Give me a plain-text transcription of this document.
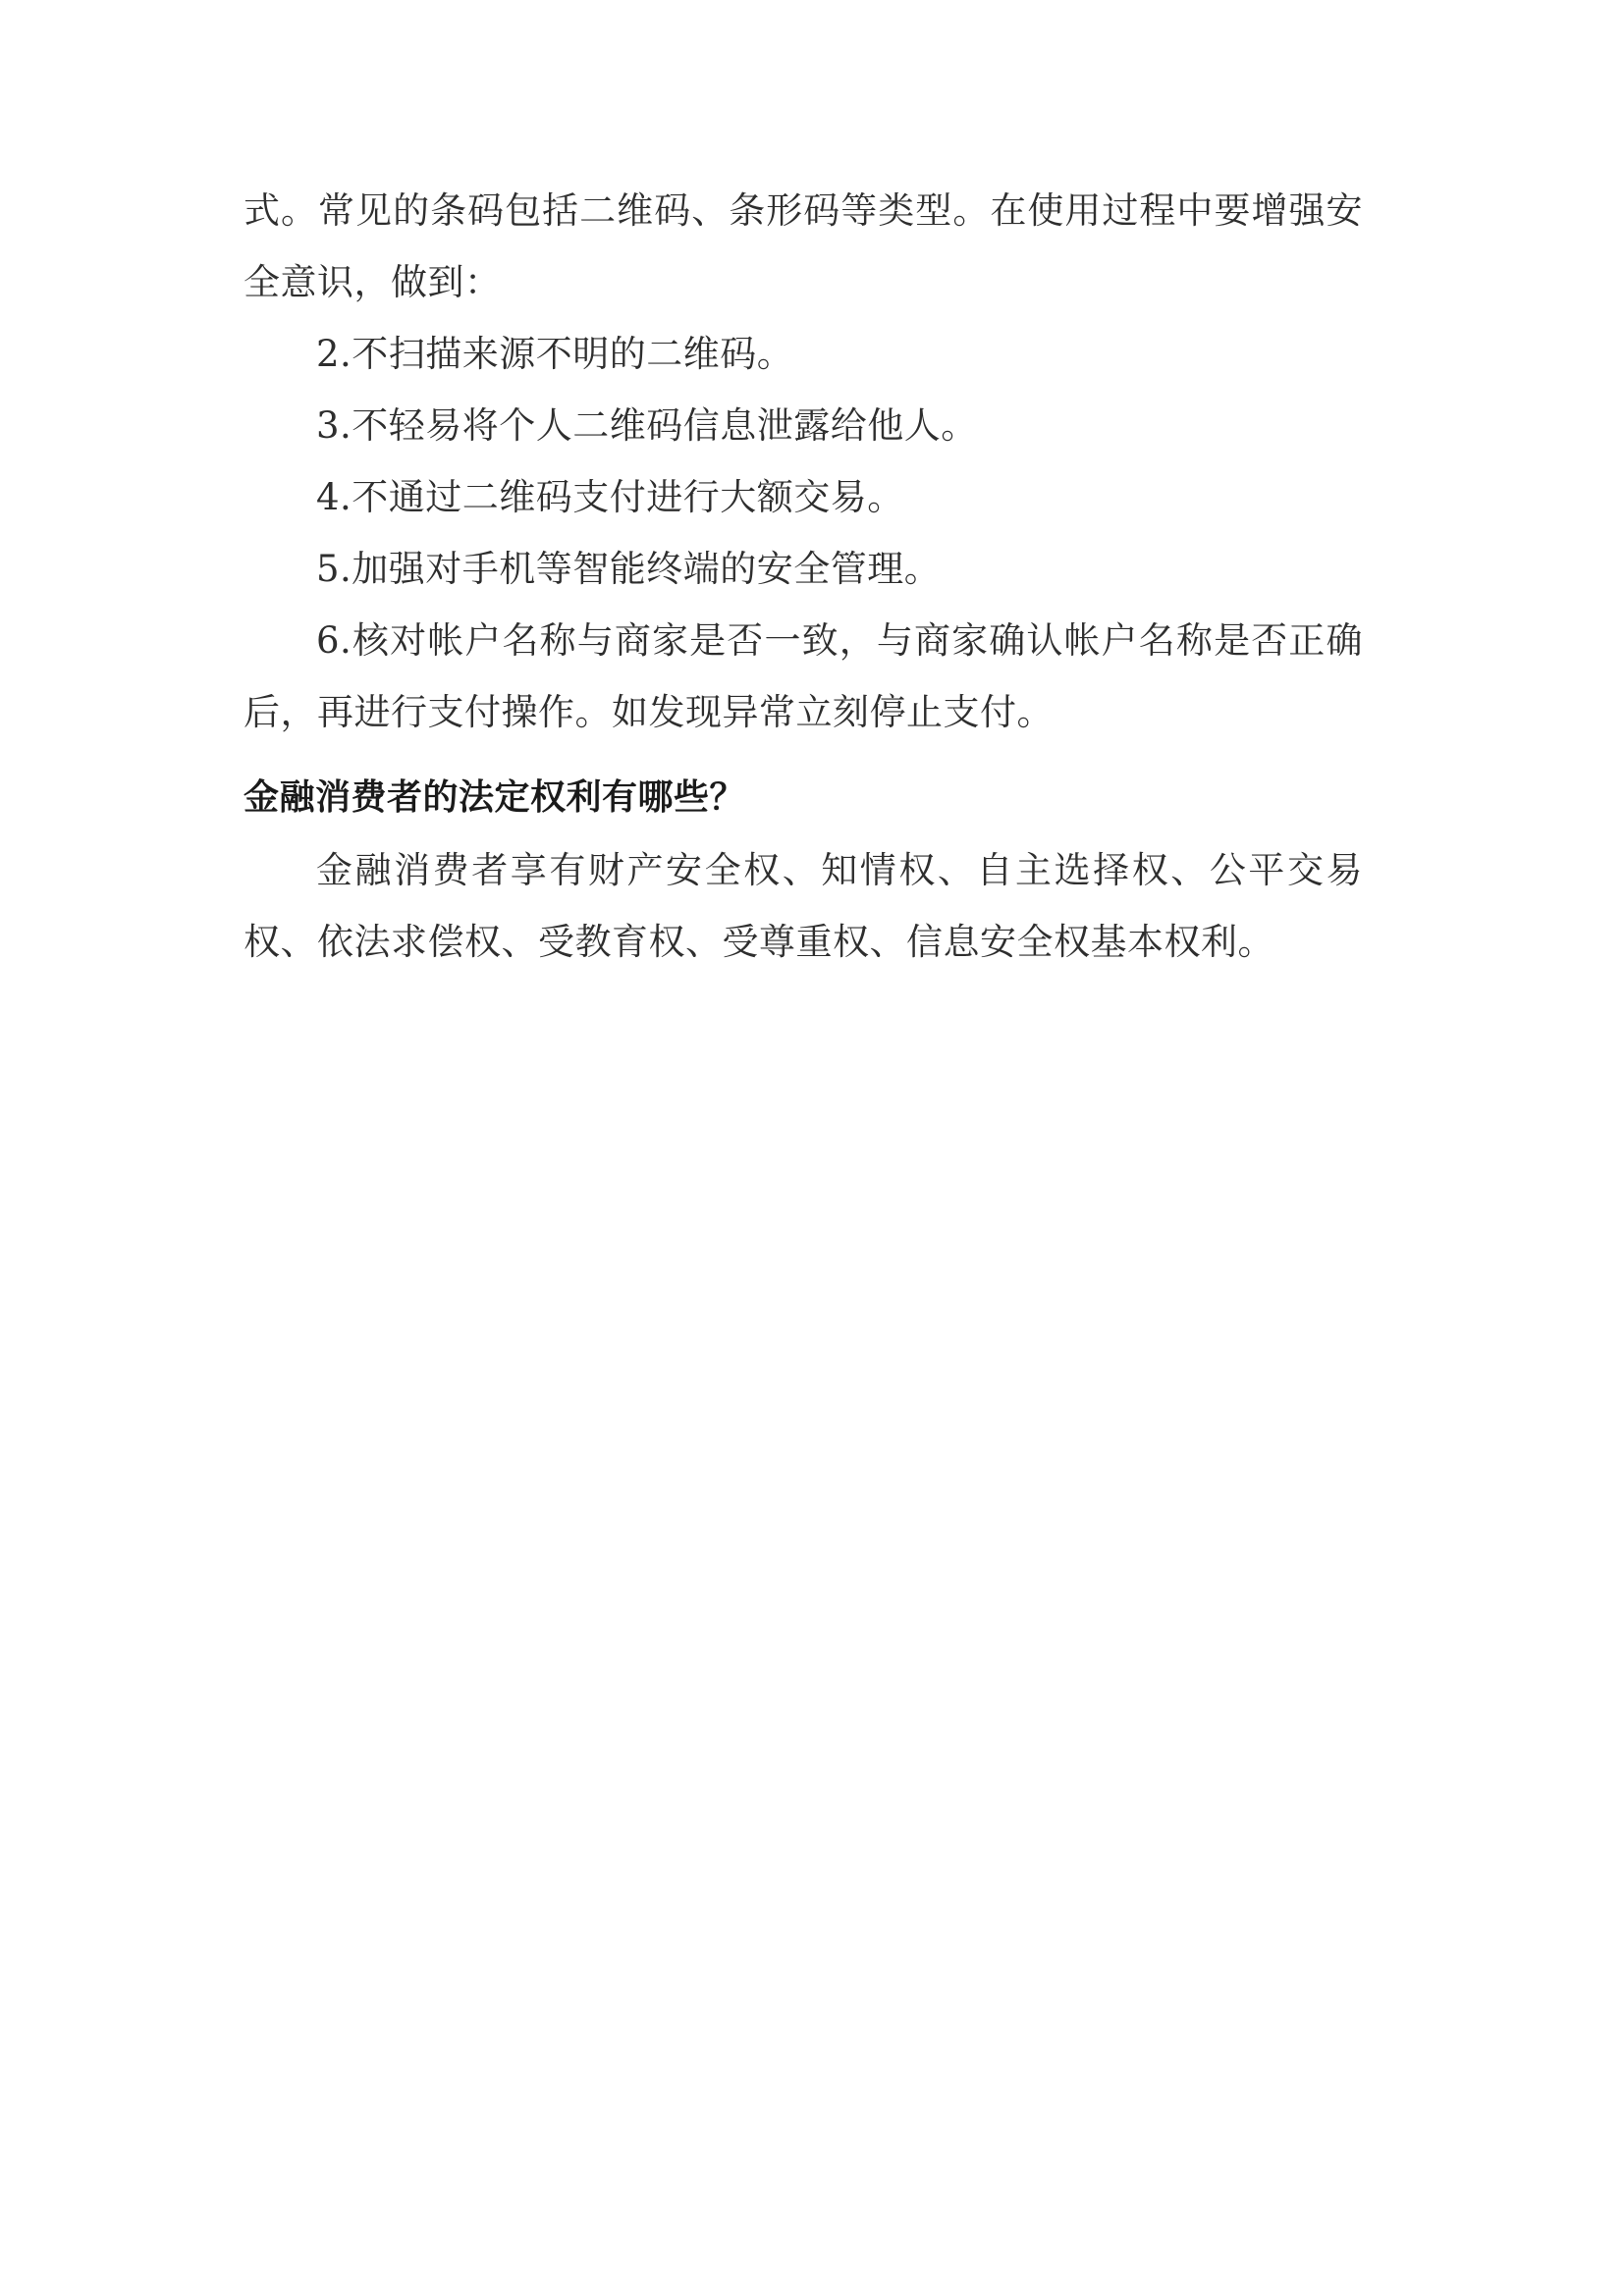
式。常见的条码包括二维码、条形码等类型。在使用过程中要增强安全意识，做到：

2.不扫描来源不明的二维码。

3.不轻易将个人二维码信息泄露给他人。

4.不通过二维码支付进行大额交易。

5.加强对手机等智能终端的安全管理。

6.核对帐户名称与商家是否一致，与商家确认帐户名称是否正确后，再进行支付操作。如发现异常立刻停止支付。

金融消费者的法定权利有哪些？

金融消费者享有财产安全权、知情权、自主选择权、公平交易权、依法求偿权、受教育权、受尊重权、信息安全权基本权利。
